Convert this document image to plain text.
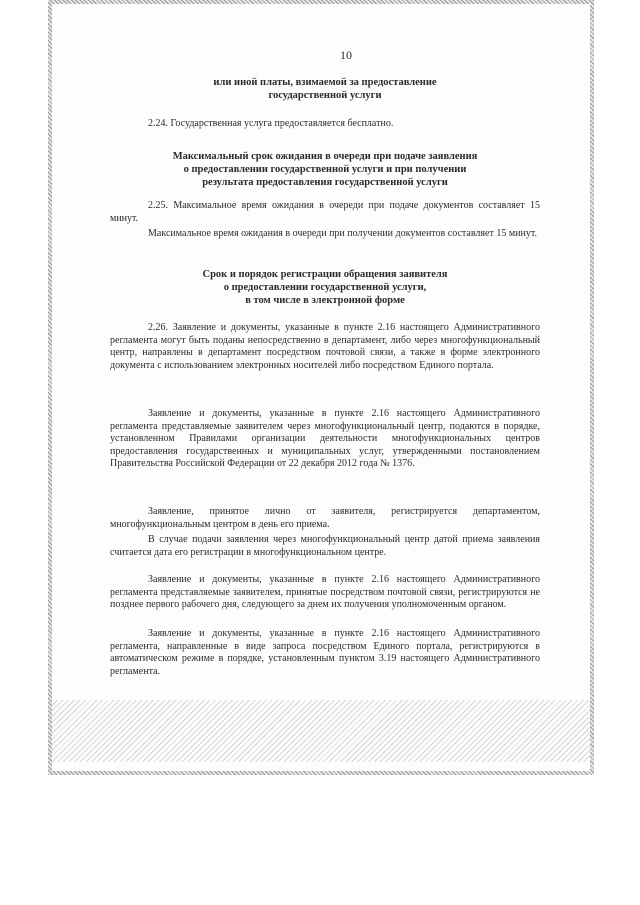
10
или иной платы, взимаемой за предоставление
государственной услуги
2.24. Государственная услуга предоставляется бесплатно.
Максимальный срок ожидания в очереди при подаче заявления
о предоставлении государственной услуги и при получении
результата предоставления государственной услуги
2.25. Максимальное время ожидания в очереди при подаче документов составляет 15 минут.
Максимальное время ожидания в очереди при получении документов составляет 15 минут.
Срок и порядок регистрации обращения заявителя
о предоставлении государственной услуги,
в том числе в электронной форме
2.26. Заявление и документы, указанные в пункте 2.16 настоящего Административного регламента могут быть поданы непосредственно в департамент, либо через многофункциональный центр, направлены в департамент посредством почтовой связи, а также в форме электронного документа с использованием электронных носителей либо посредством Единого портала.
Заявление и документы, указанные в пункте 2.16 настоящего Административного регламента представляемые заявителем через многофункциональный центр, подаются в порядке, установленном Правилами организации деятельности многофункциональных центров предоставления государственных и муниципальных услуг, утвержденными постановлением Правительства Российской Федерации от 22 декабря 2012 года № 1376.
Заявление, принятое лично от заявителя, регистрируется департаментом, многофункциональным центром в день его приема.
В случае подачи заявления через многофункциональный центр датой приема заявления считается дата его регистрации в многофункциональном центре.
Заявление и документы, указанные в пункте 2.16 настоящего Административного регламента представляемые заявителем, принятые посредством почтовой связи, регистрируются не позднее первого рабочего дня, следующего за днем их получения уполномоченным органом.
Заявление и документы, указанные в пункте 2.16 настоящего Административного регламента, направленные в виде запроса посредством Единого портала, регистрируются в автоматическом режиме в порядке, установленным пунктом 3.19 настоящего Административного регламента.
